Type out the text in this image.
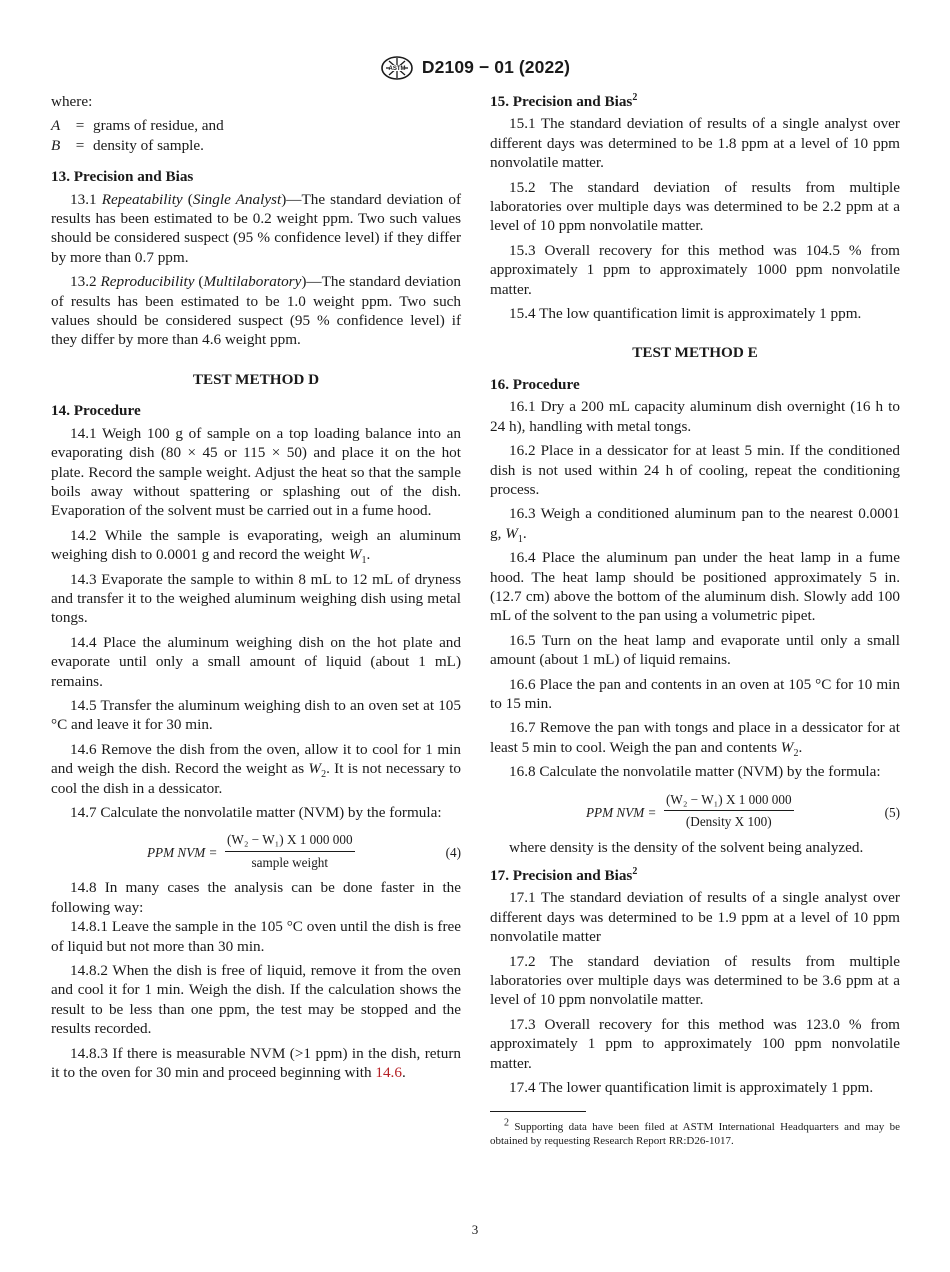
ASTM D2109 − 01 (2022)

where:

A	= grams of residue, and
B	= density of sample.

13. Precision and Bias

13.1 Repeatability (Single Analyst)—The standard deviation of results has been estimated to be 0.2 weight ppm. Two such values should be considered suspect (95 % confidence level) if they differ by more than 0.7 ppm.

13.2 Reproducibility (Multilaboratory)—The standard deviation of results has been estimated to be 1.0 weight ppm. Two such values should be considered suspect (95 % confidence level) if they differ by more than 4.6 weight ppm.

TEST METHOD D

14. Procedure

14.1 Weigh 100 g of sample on a top loading balance into an evaporating dish (80 × 45 or 115 × 50) and place it on the hot plate. Record the sample weight. Adjust the heat so that the sample boils away without spattering or splashing out of the dish. Evaporation of the solvent must be carried out in a fume hood.

14.2 While the sample is evaporating, weigh an aluminum weighing dish to 0.0001 g and record the weight $W_1$.

14.3 Evaporate the sample to within 8 mL to 12 mL of dryness and transfer it to the weighed aluminum weighing dish using metal tongs.

14.4 Place the aluminum weighing dish on the hot plate and evaporate until only a small amount of liquid (about 1 mL) remains.

14.5 Transfer the aluminum weighing dish to an oven set at 105 °C and leave it for 30 min.

14.6 Remove the dish from the oven, allow it to cool for 1 min and weigh the dish. Record the weight as $W_2$. It is not necessary to cool the dish in a dessicator.

14.7 Calculate the nonvolatile matter (NVM) by the formula:

PPM NVM =
(W₂ − W₁) X 1 000 000
sample weight
(4)

14.8 In many cases the analysis can be done faster in the following way:

14.8.1 Leave the sample in the 105 °C oven until the dish is free of liquid but not more than 30 min.

14.8.2 When the dish is free of liquid, remove it from the oven and cool it for 1 min. Weigh the dish. If the calculation shows the result to be less than one ppm, the test may be stopped and the results recorded.

14.8.3 If there is measurable NVM (>1 ppm) in the dish, return it to the oven for 30 min and proceed beginning with 14.6.

15. Precision and Bias$^2$

15.1 The standard deviation of results of a single analyst over different days was determined to be 1.8 ppm at a level of 10 ppm nonvolatile matter.

15.2 The standard deviation of results from multiple laboratories over multiple days was determined to be 2.2 ppm at a level of 10 ppm nonvolatile matter.

15.3 Overall recovery for this method was 104.5 % from approximately 1 ppm to approximately 1000 ppm nonvolatile matter.

15.4 The low quantification limit is approximately 1 ppm.

TEST METHOD E

16. Procedure

16.1 Dry a 200 mL capacity aluminum dish overnight (16 h to 24 h), handling with metal tongs.

16.2 Place in a dessicator for at least 5 min. If the conditioned dish is not used within 24 h of cooling, repeat the conditioning process.

16.3 Weigh a conditioned aluminum pan to the nearest 0.0001 g, $W_1$.

16.4 Place the aluminum pan under the heat lamp in a fume hood. The heat lamp should be positioned approximately 5 in. (12.7 cm) above the bottom of the aluminum dish. Slowly add 100 mL of the solvent to the pan using a volumetric pipet.

16.5 Turn on the heat lamp and evaporate until only a small amount (about 1 mL) of liquid remains.

16.6 Place the pan and contents in an oven at 105 °C for 10 min to 15 min.

16.7 Remove the pan with tongs and place in a dessicator for at least 5 min to cool. Weigh the pan and contents $W_2$.

16.8 Calculate the nonvolatile matter (NVM) by the formula:

PPM NVM =
(W₂ − W₁) X 1 000 000
(Density X 100)
(5)

where density is the density of the solvent being analyzed.

17. Precision and Bias$^2$

17.1 The standard deviation of results of a single analyst over different days was determined to be 1.9 ppm at a level of 10 ppm nonvolatile matter

17.2 The standard deviation of results from multiple laboratories over multiple days was determined to be 3.6 ppm at a level of 10 ppm nonvolatile matter.

17.3 Overall recovery for this method was 123.0 % from approximately 1 ppm to approximately 100 ppm nonvolatile matter.

17.4 The lower quantification limit is approximately 1 ppm.

$^2$ Supporting data have been filed at ASTM International Headquarters and may be obtained by requesting Research Report RR:D26-1017.

3
